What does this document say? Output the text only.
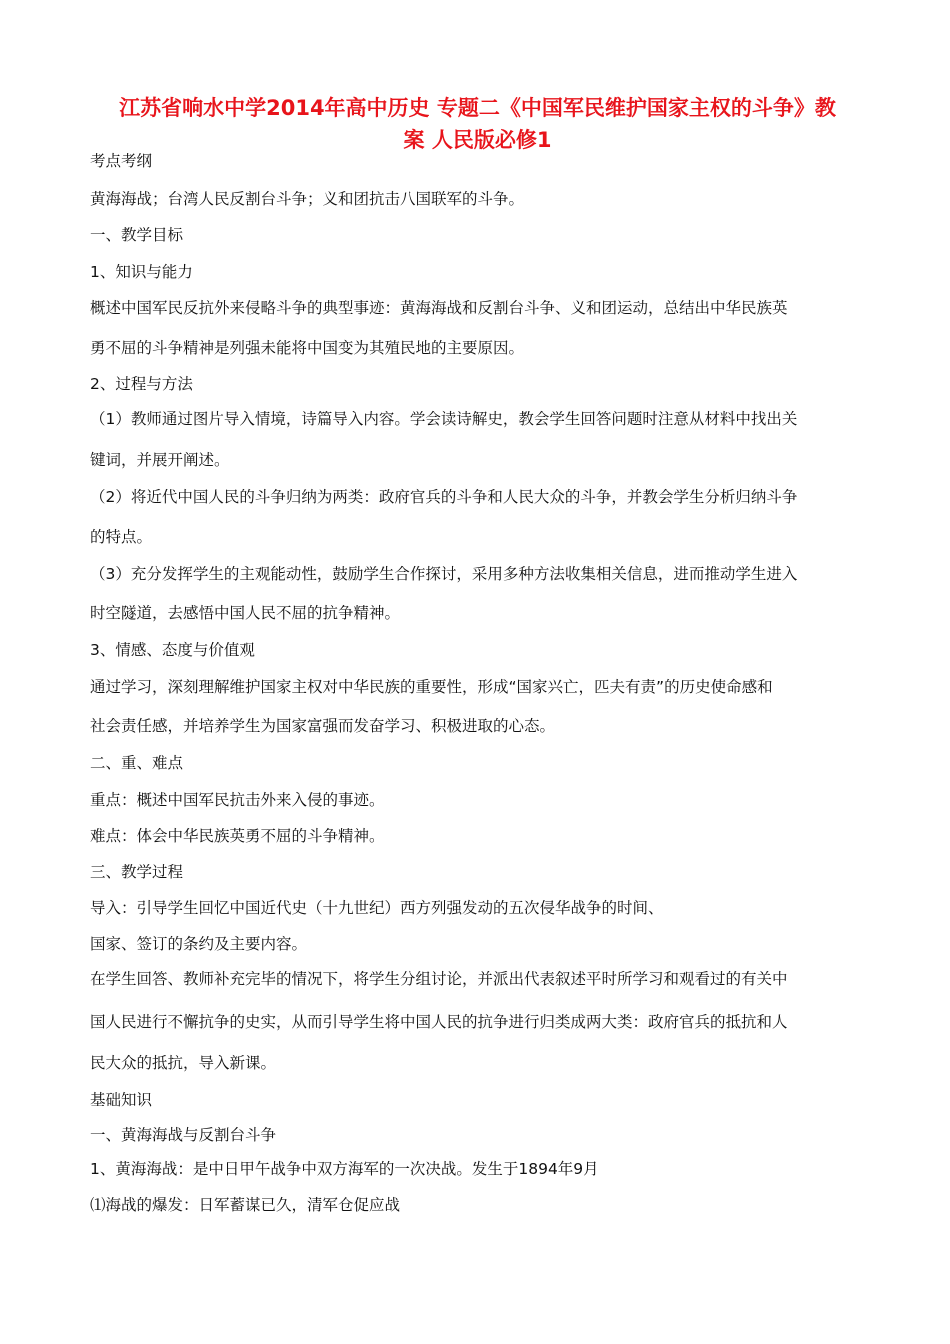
江苏省响水中学2014年高中历史 专题二《中国军民维护国家主权的斗争》教
案 人民版必修1
考点考纲
黄海海战；台湾人民反割台斗争；义和团抗击八国联军的斗争。
一、教学目标
1、知识与能力
概述中国军民反抗外来侵略斗争的典型事迹：黄海海战和反割台斗争、义和团运动，总结出中华民族英
勇不屈的斗争精神是列强未能将中国变为其殖民地的主要原因。
2、过程与方法
（1）教师通过图片导入情境，诗篇导入内容。学会读诗解史，教会学生回答问题时注意从材料中找出关
键词，并展开阐述。
（2）将近代中国人民的斗争归纳为两类：政府官兵的斗争和人民大众的斗争，并教会学生分析归纳斗争
的特点。
（3）充分发挥学生的主观能动性，鼓励学生合作探讨，采用多种方法收集相关信息，进而推动学生进入
时空隧道，去感悟中国人民不屈的抗争精神。
3、情感、态度与价值观
通过学习，深刻理解维护国家主权对中华民族的重要性，形成“国家兴亡，匹夫有责”的历史使命感和
社会责任感，并培养学生为国家富强而发奋学习、积极进取的心态。
二、重、难点
重点：概述中国军民抗击外来入侵的事迹。
难点：体会中华民族英勇不屈的斗争精神。
三、教学过程
导入：引导学生回忆中国近代史（十九世纪）西方列强发动的五次侵华战争的时间、
国家、签订的条约及主要内容。
在学生回答、教师补充完毕的情况下，将学生分组讨论，并派出代表叙述平时所学习和观看过的有关中
国人民进行不懈抗争的史实，从而引导学生将中国人民的抗争进行归类成两大类：政府官兵的抵抗和人
民大众的抵抗，导入新课。
基础知识
一、黄海海战与反割台斗争
1、黄海海战：是中日甲午战争中双方海军的一次决战。发生于1894年9月
⑴海战的爆发：日军蓄谋已久，清军仓促应战
